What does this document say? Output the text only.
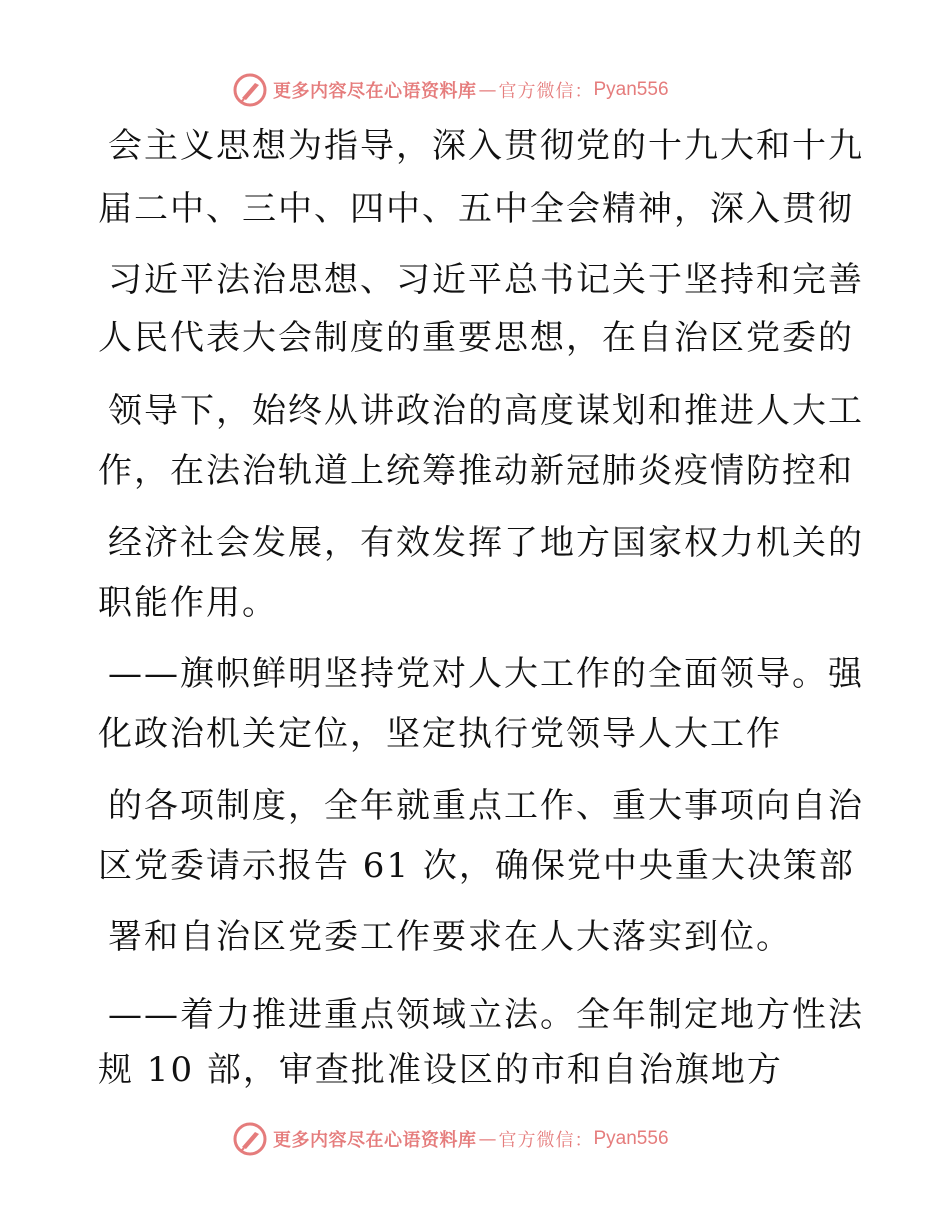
更多内容尽在心语资料库 — 官方微信： Pyan556
会主义思想为指导，深入贯彻党的十九大和十九
届二中、三中、四中、五中全会精神，深入贯彻
习近平法治思想、习近平总书记关于坚持和完善
人民代表大会制度的重要思想，在自治区党委的
领导下，始终从讲政治的高度谋划和推进人大工
作，在法治轨道上统筹推动新冠肺炎疫情防控和
经济社会发展，有效发挥了地方国家权力机关的
职能作用。
——旗帜鲜明坚持党对人大工作的全面领导。强
化政治机关定位，坚定执行党领导人大工作
的各项制度，全年就重点工作、重大事项向自治
区党委请示报告 61 次，确保党中央重大决策部
署和自治区党委工作要求在人大落实到位。
——着力推进重点领域立法。全年制定地方性法
规 10 部，审查批准设区的市和自治旗地方
更多内容尽在心语资料库 — 官方微信： Pyan556
